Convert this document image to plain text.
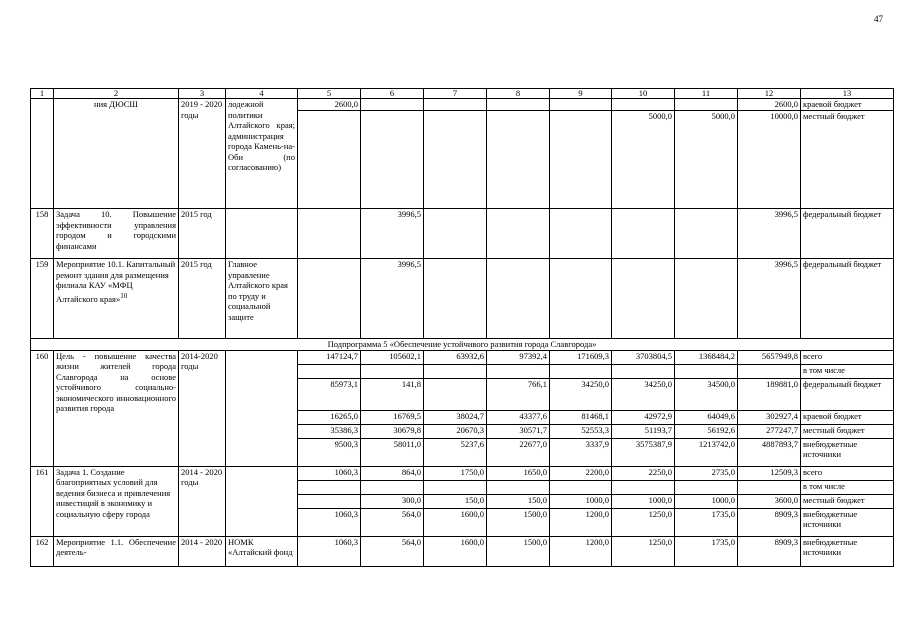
47
1	2	3	4	5	6	7	8	9	10	11	12	13
	ния ДЮСШ	2019 - 2020 годы	лодежной политики Алтайского края; администрация города Камень-на-Оби (по согласованию)	2600,0							2600,0	краевой бюджет
									5000,0	5000,0	10000,0	местный бюджет
158	Задача 10. Повышение эффективности управления городом и городскими финансами	2015 год			3996,5						3996,5	федеральный бюджет
159	Мероприятие 10.1. Капитальный ремонт здания для размещения филиала КАУ «МФЦ Алтайского края»$^{10}$	2015 год	Главное управление Алтайского края по труду и социальной защите		3996,5						3996,5	федеральный бюджет
Подпрограмма 5 «Обеспечение устойчивого развития города Славгорода»												
160	Цель - повышение качества жизни жителей города Славгорода на основе устойчивого социально-экономического инновационного развития города	2014-2020 годы		147124,7	105602,1	63932,6	97392,4	171609,3	3703804,5	1368484,2	5657949,8	всего
												в том числе
				85973,1	141,8		766,1	34250,0	34250,0	34500,0	189881,0	федеральный бюджет
				16265,0	16769,5	38024,7	43377,6	81468,1	42972,9	64049,6	302927,4	краевой бюджет
				35386,3	30679,8	20670,3	30571,7	52553,3	51193,7	56192,6	277247,7	местный бюджет
				9500,3	58011,0	5237,6	22677,0	3337,9	3575387,9	1213742,0	4887893,7	внебюджетные источники
161	Задача 1. Создание благоприятных условий для ведения бизнеса и привлечения инвестиций в экономику и социальную сферу города	2014 - 2020 годы		1060,3	864,0	1750,0	1650,0	2200,0	2250,0	2735,0	12509,3	всего
												в том числе
					300,0	150,0	150,0	1000,0	1000,0	1000,0	3600,0	местный бюджет
				1060,3	564,0	1600,0	1500,0	1200,0	1250,0	1735,0	8909,3	внебюджетные источники
162	Мероприятие 1.1. Обеспечение деятель-	2014 - 2020	НОМК «Алтайский фонд	1060,3	564,0	1600,0	1500,0	1200,0	1250,0	1735,0	8909,3	внебюджетные источники
